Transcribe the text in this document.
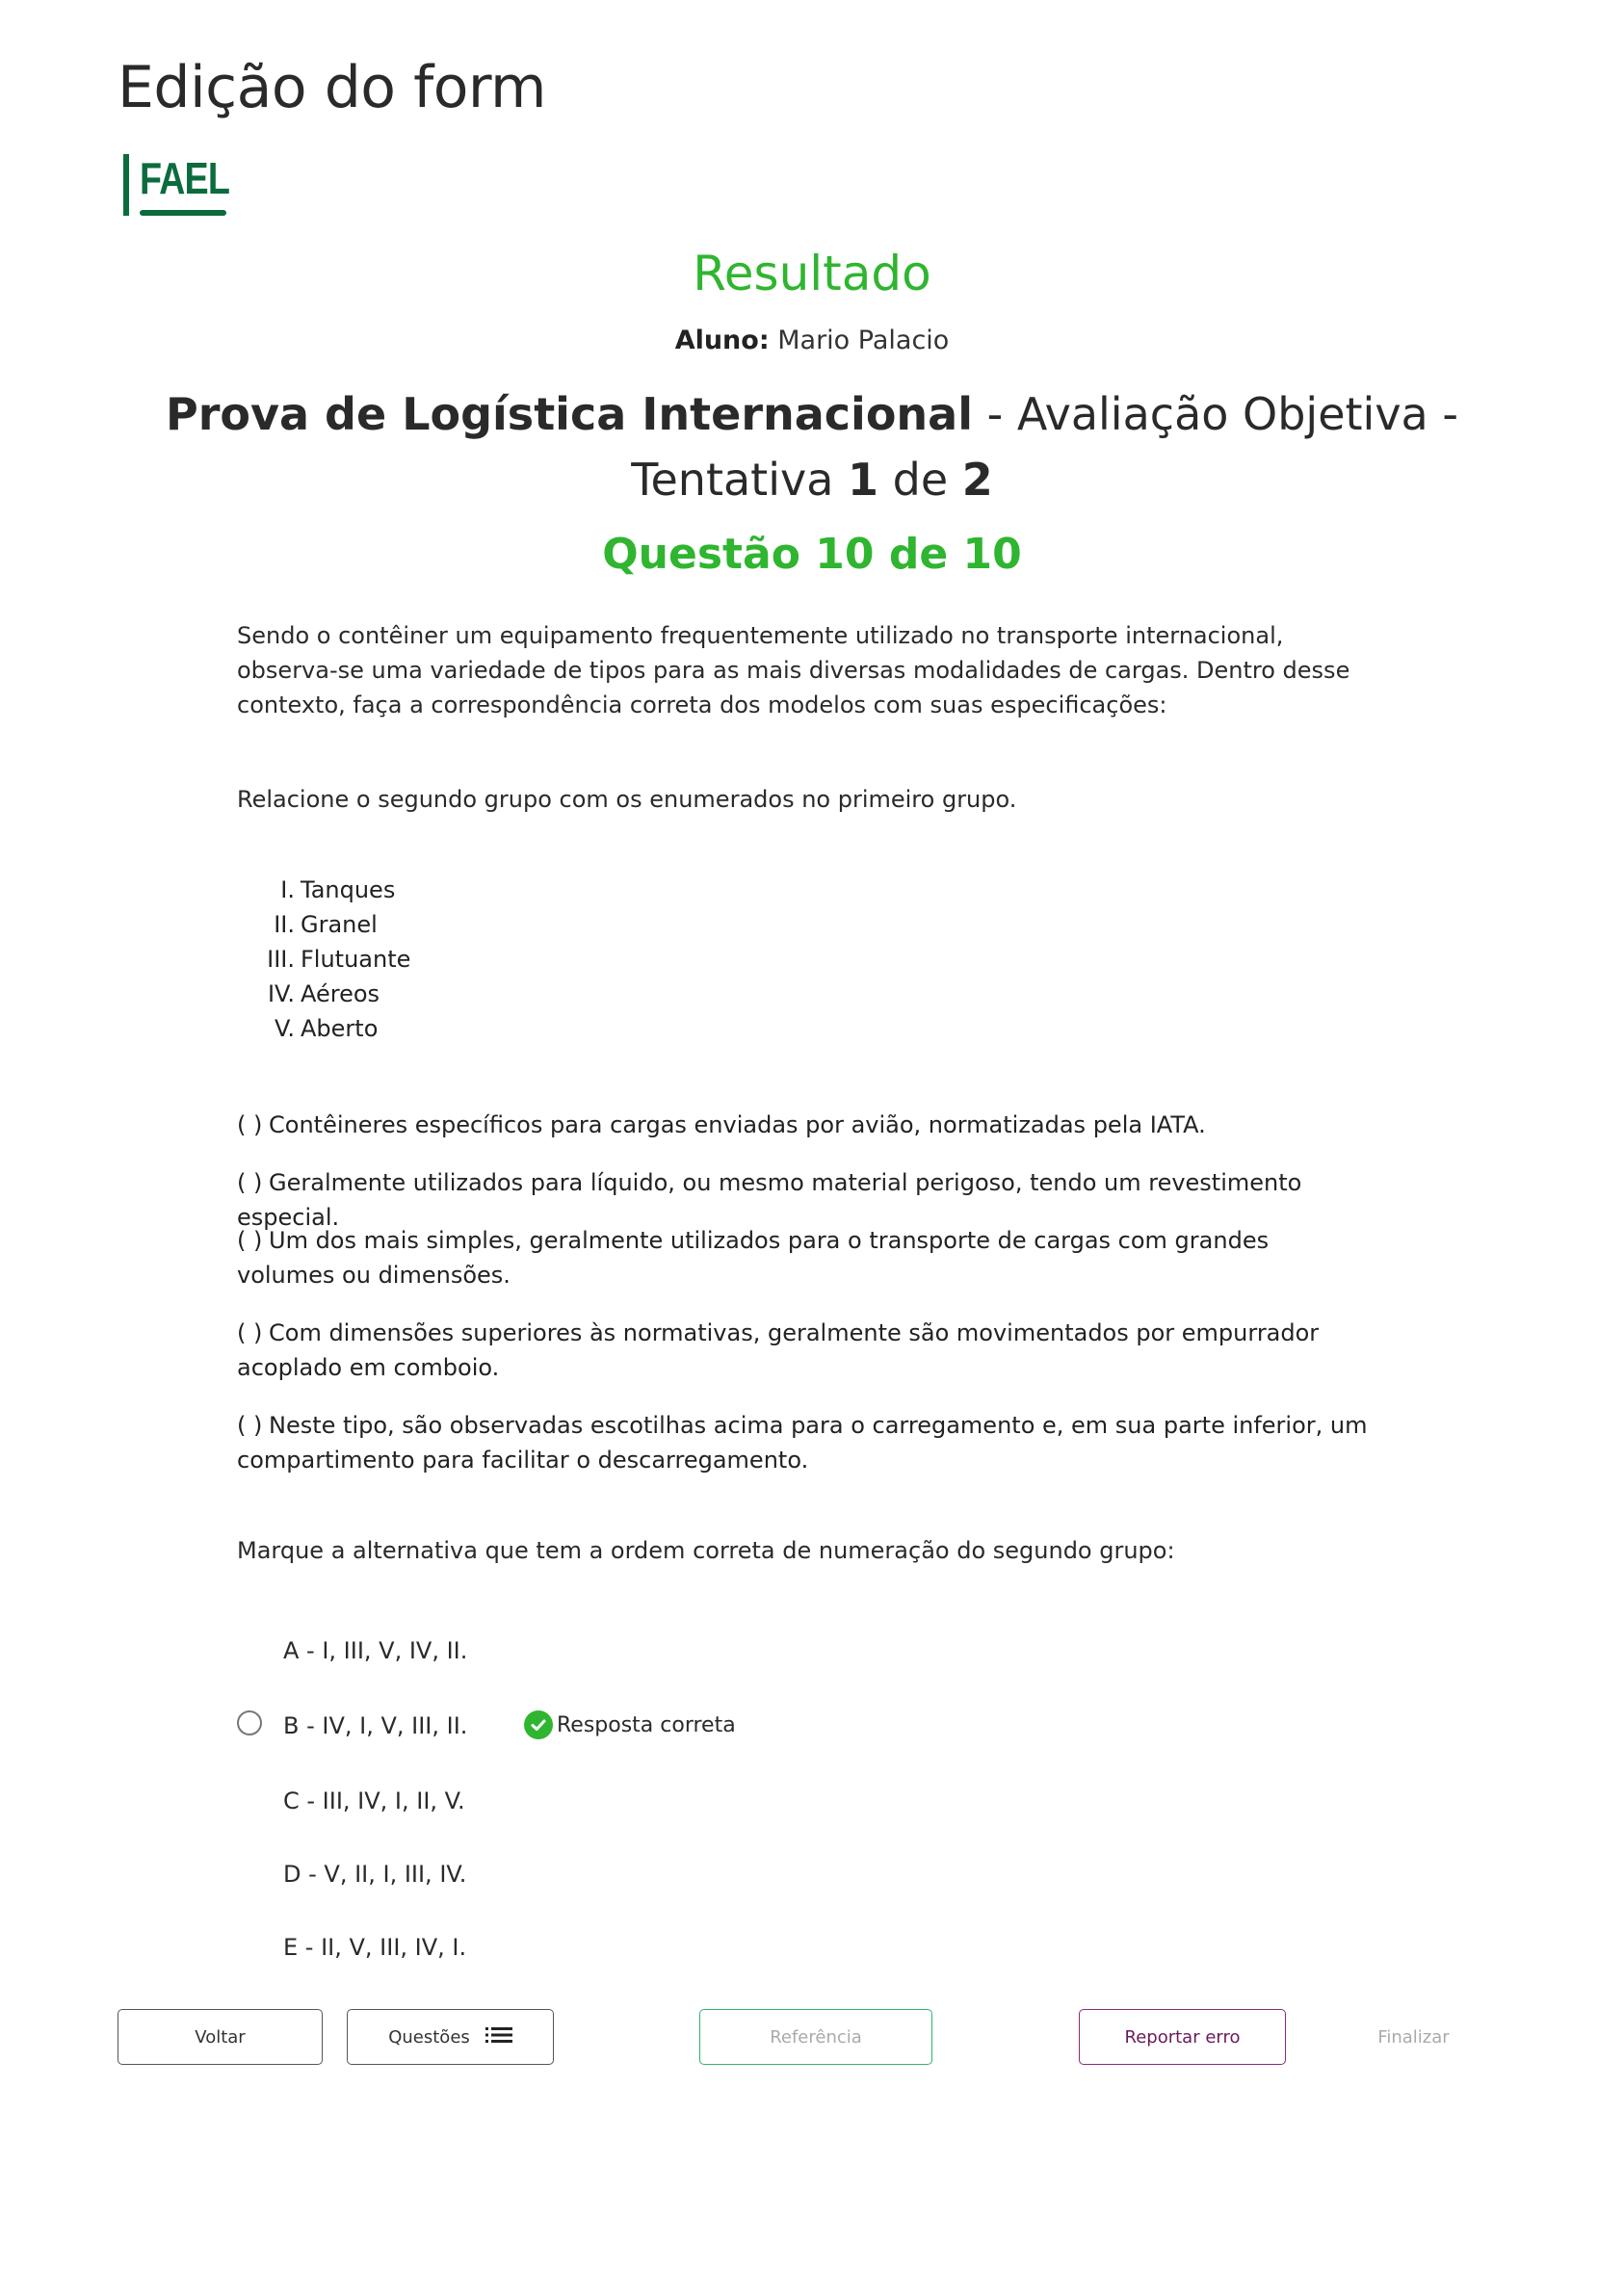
Edição do form
FAEL
Resultado
Aluno: Mario Palacio
Prova de Logística Internacional - Avaliação Objetiva -
Tentativa 1 de 2
Questão 10 de 10
Sendo o contêiner um equipamento frequentemente utilizado no transporte internacional, observa-se uma variedade de tipos para as mais diversas modalidades de cargas. Dentro desse contexto, faça a correspondência correta dos modelos com suas especificações:
Relacione o segundo grupo com os enumerados no primeiro grupo.
I. Tanques
II. Granel
III. Flutuante
IV. Aéreos
V. Aberto
( ) Contêineres específicos para cargas enviadas por avião, normatizadas pela IATA.
( ) Geralmente utilizados para líquido, ou mesmo material perigoso, tendo um revestimento especial.
( ) Um dos mais simples, geralmente utilizados para o transporte de cargas com grandes volumes ou dimensões.
( ) Com dimensões superiores às normativas, geralmente são movimentados por empurrador acoplado em comboio.
( ) Neste tipo, são observadas escotilhas acima para o carregamento e, em sua parte inferior, um compartimento para facilitar o descarregamento.
Marque a alternativa que tem a ordem correta de numeração do segundo grupo:
A - I, III, V, IV, II.
B - IV, I, V, III, II.	Resposta correta
C - III, IV, I, II, V.
D - V, II, I, III, IV.
E - II, V, III, IV, I.
Voltar	Questões	Referência	Reportar erro	Finalizar
